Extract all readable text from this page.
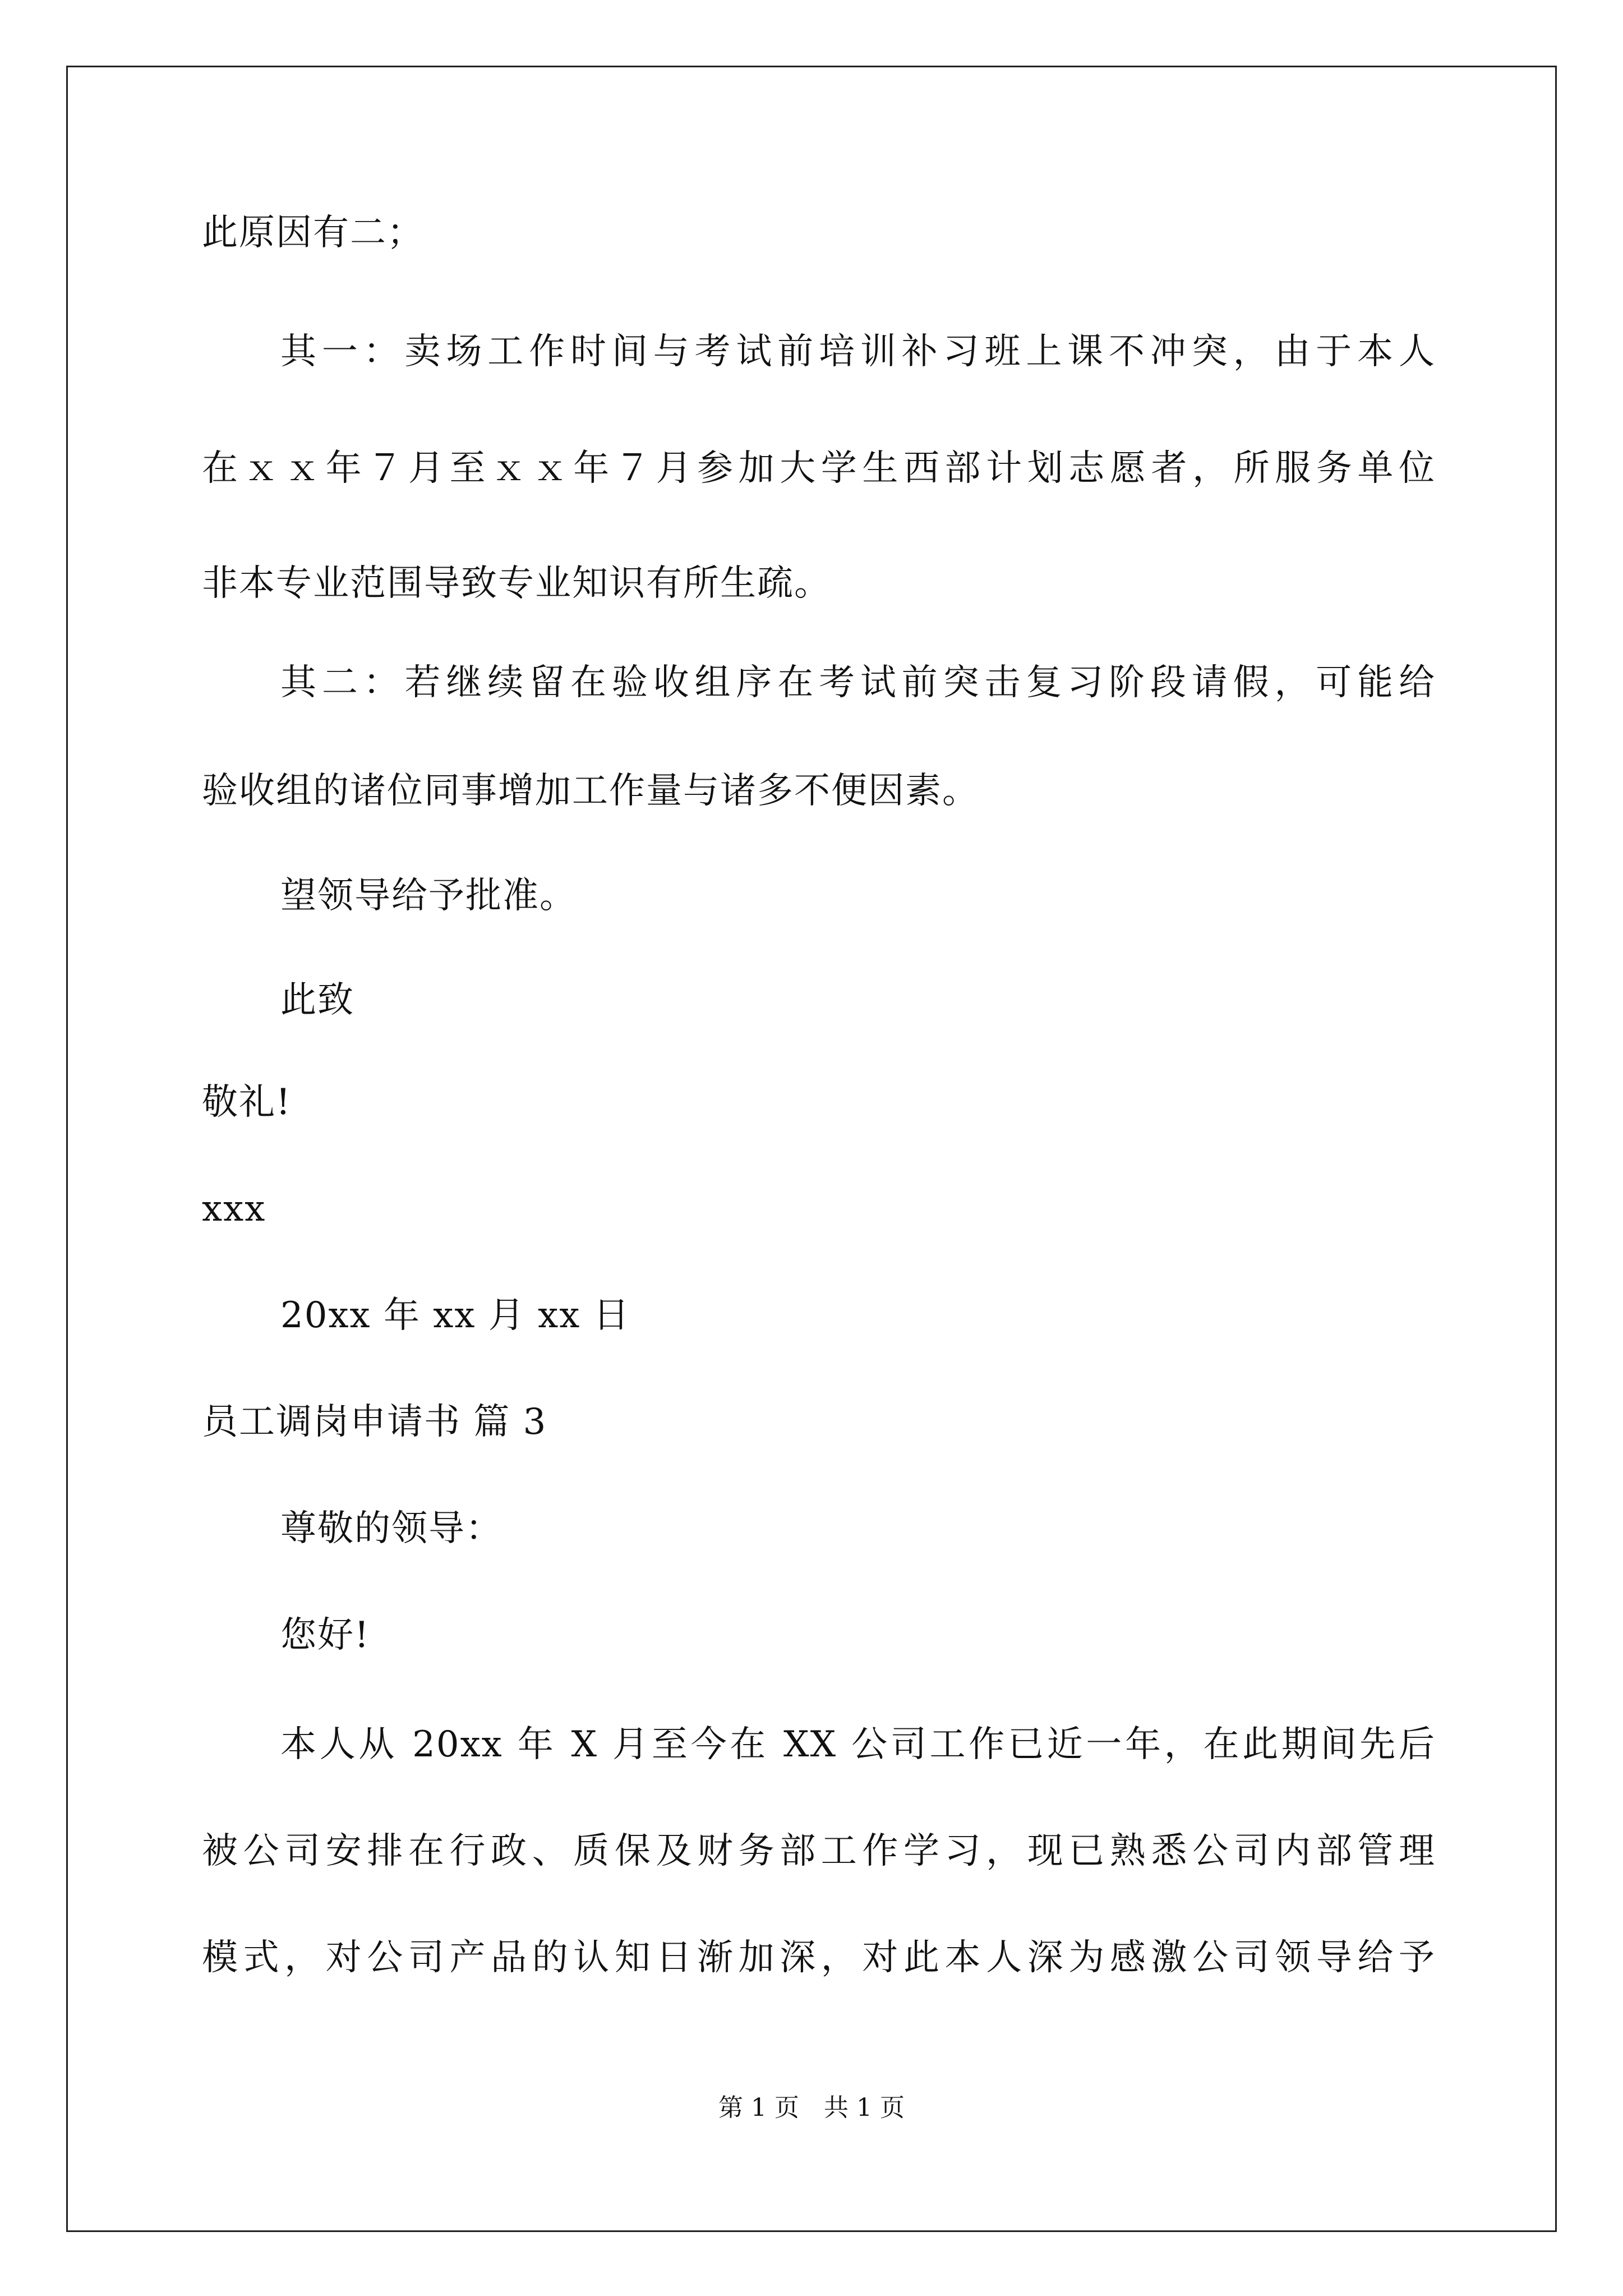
此原因有二；
其一：卖场工作时间与考试前培训补习班上课不冲突，由于本人
在ｘｘ年７月至ｘｘ年７月参加大学生西部计划志愿者，所服务单位
非本专业范围导致专业知识有所生疏。
其二：若继续留在验收组序在考试前突击复习阶段请假，可能给
验收组的诸位同事增加工作量与诸多不便因素。
望领导给予批准。
此致
敬礼!
xxx
20xx 年 xx 月 xx 日
员工调岗申请书 篇 3
尊敬的领导：
您好!
本人从 20xx 年 X 月至今在 XX 公司工作已近一年，在此期间先后
被公司安排在行政、质保及财务部工作学习，现已熟悉公司内部管理
模式，对公司产品的认知日渐加深，对此本人深为感激公司领导给予
第 1 页　共 1 页
